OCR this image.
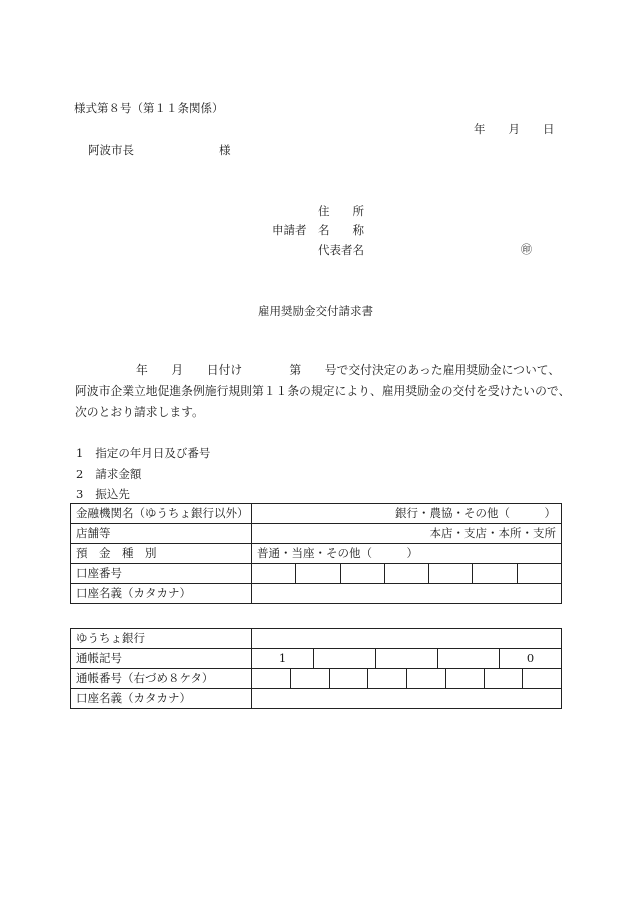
様式第８号（第１１条関係）
年　　月　　日
阿波市長	様
住　　所
申請者 名　　称
代表者名	㊞
雇用奨励金交付請求書
年　　月　　日付け　　　　第　　号で交付決定のあった雇用奨励金について、
阿波市企業立地促進条例施行規則第１１条の規定により、雇用奨励金の交付を受けたいので、
次のとおり請求します。
1 指定の年月日及び番号
2 請求金額
3 振込先
金融機関名（ゆうちょ銀行以外）	銀行・農協・その他（　　　）
店舗等	本店・支店・本所・支所
預　金　種　別	普通・当座・その他（　　　）
口座番号	

口座名義（カタカナ）	
ゆうちょ銀行	
通帳記号	1 0

通帳番号（右づめ８ケタ）	

口座名義（カタカナ）	
